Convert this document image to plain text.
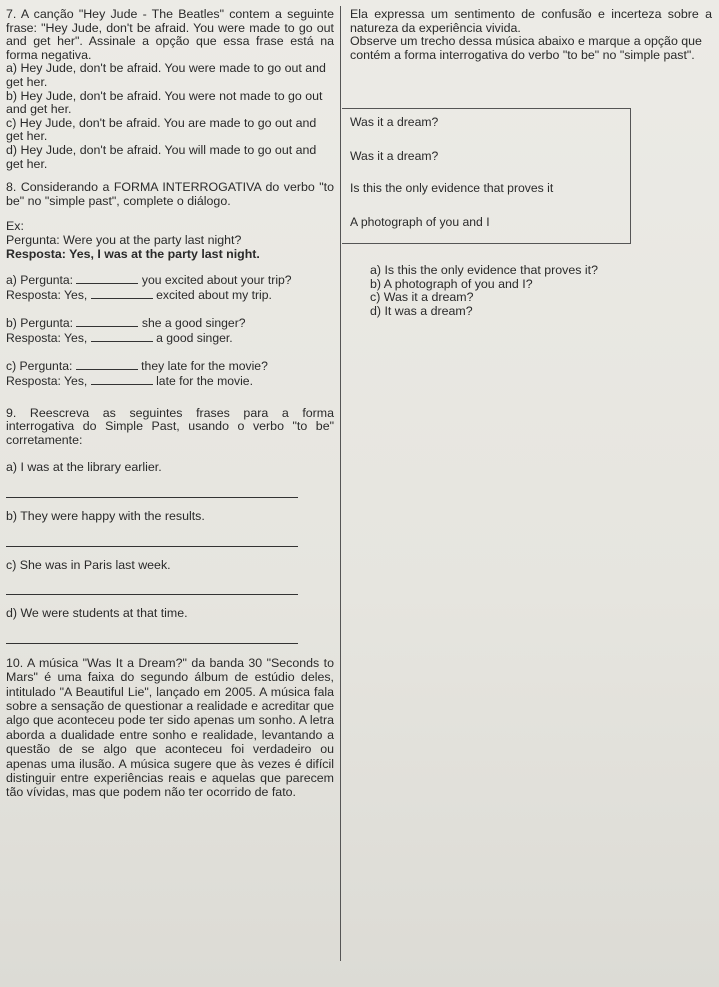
7. A canção "Hey Jude - The Beatles" contem a seguinte frase: "Hey Jude, don't be afraid. You were made to go out and get her". Assinale a opção que essa frase está na forma negativa.

a) Hey Jude, don't be afraid. You were made to go out and get her.

b) Hey Jude, don't be afraid. You were not made to go out and get her.

c) Hey Jude, don't be afraid. You are made to go out and get her.

d) Hey Jude, don't be afraid. You will made to go out and get her.

8. Considerando a FORMA INTERROGATIVA do verbo "to be" no "simple past", complete o diálogo.

Ex:

Pergunta: Were you at the party last night?

Resposta: Yes, I was at the party last night.

a) Pergunta:	you excited about your trip?

Resposta: Yes,	excited about my trip.

b) Pergunta:	she a good singer?

Resposta: Yes,	a good singer.

c) Pergunta:	they late for the movie?

Resposta: Yes,	late for the movie.

9. Reescreva as seguintes frases para a forma interrogativa do Simple Past, usando o verbo "to be" corretamente:

a) I was at the library earlier.

b) They were happy with the results.

c) She was in Paris last week.

d) We were students at that time.

10. A música "Was It a Dream?" da banda 30 "Seconds to Mars" é uma faixa do segundo álbum de estúdio deles, intitulado "A Beautiful Lie", lançado em 2005. A música fala sobre a sensação de questionar a realidade e acreditar que algo que aconteceu pode ter sido apenas um sonho. A letra aborda a dualidade entre sonho e realidade, levantando a questão de se algo que aconteceu foi verdadeiro ou apenas uma ilusão. A música sugere que às vezes é difícil distinguir entre experiências reais e aquelas que parecem tão vívidas, mas que podem não ter ocorrido de fato.

Ela expressa um sentimento de confusão e incerteza sobre a natureza da experiência vivida.

Observe um trecho dessa música abaixo e marque a opção que contém a forma interrogativa do verbo "to be" no "simple past".

Was it a dream?

Was it a dream?

Is this the only evidence that proves it

A photograph of you and I

a) Is this the only evidence that proves it?

b) A photograph of you and I?

c) Was it a dream?

d) It was a dream?
